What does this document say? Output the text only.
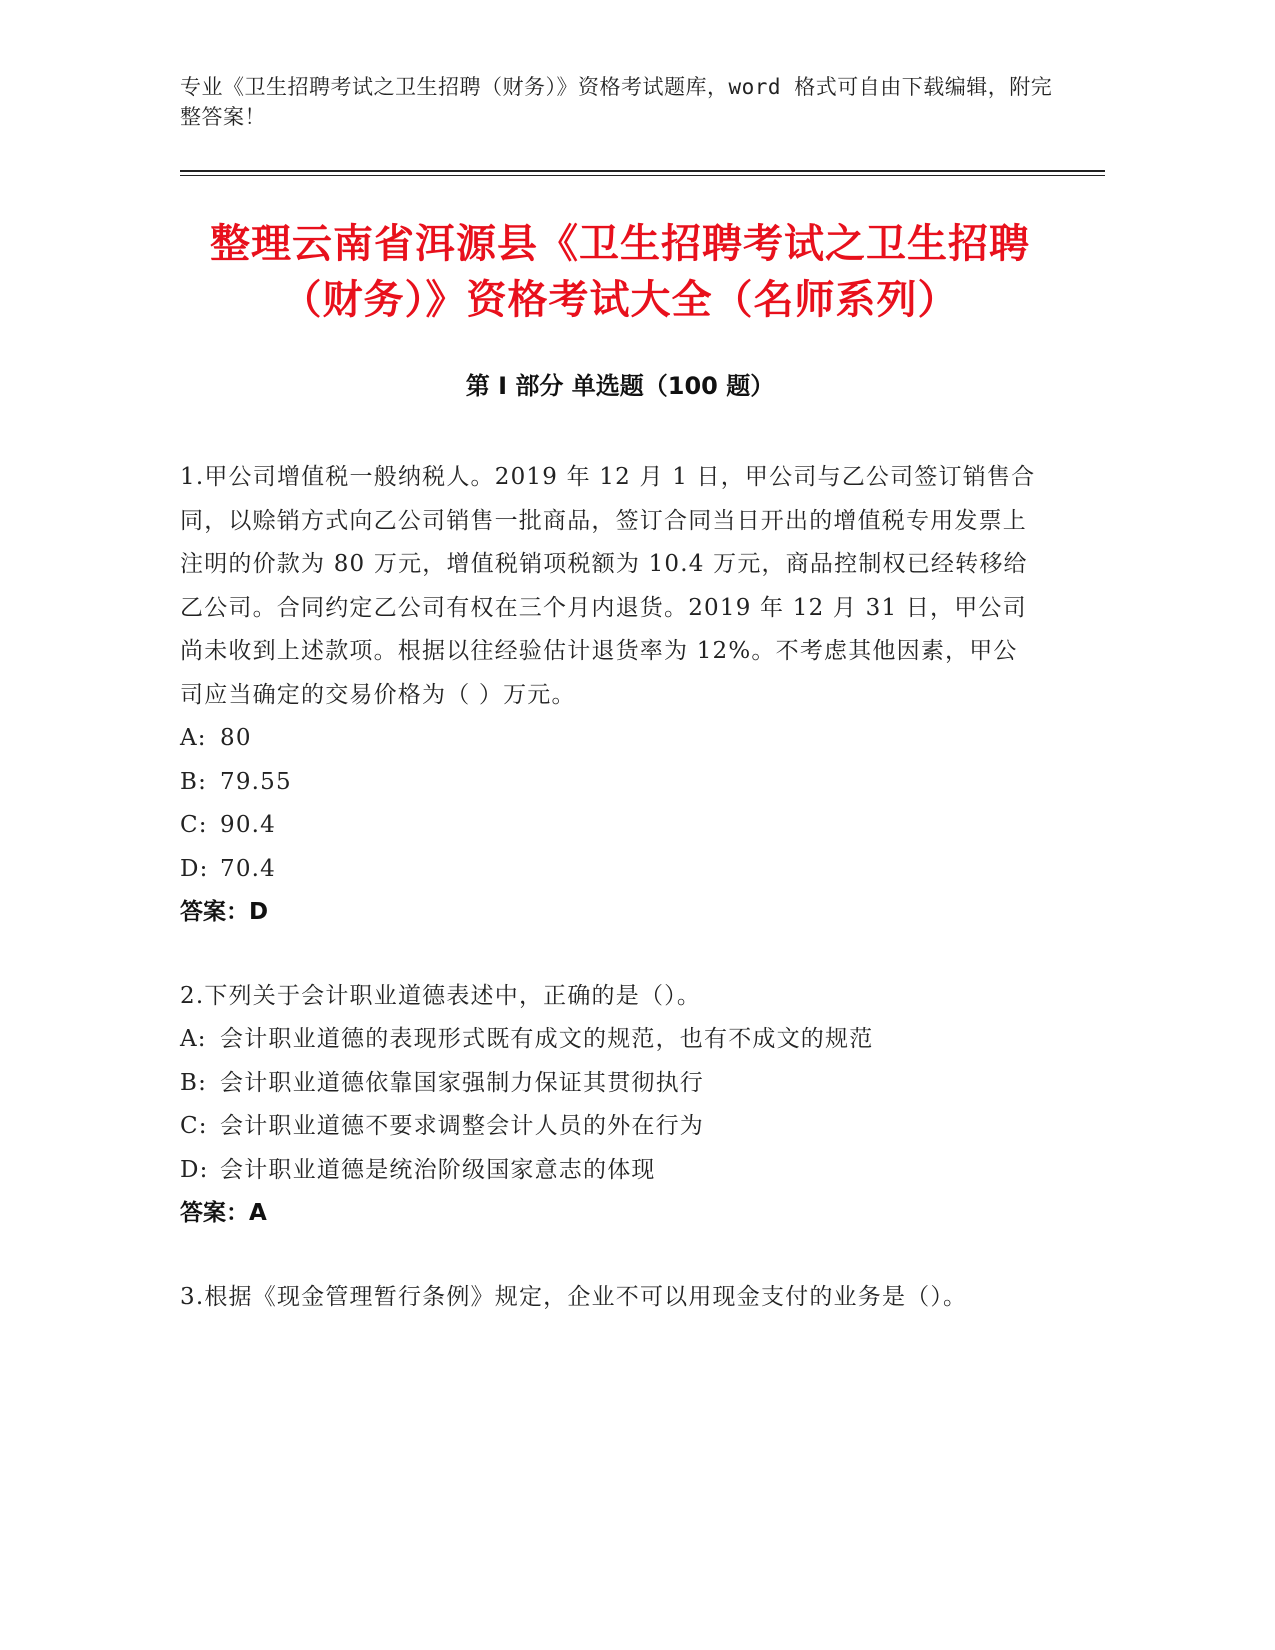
专业《卫生招聘考试之卫生招聘（财务）》资格考试题库，word 格式可自由下载编辑，附完整答案！
整理云南省洱源县《卫生招聘考试之卫生招聘（财务）》资格考试大全（名师系列）
第 I 部分 单选题（100 题）

1.甲公司增值税一般纳税人。2019 年 12 月 1 日，甲公司与乙公司签订销售合同，以赊销方式向乙公司销售一批商品，签订合同当日开出的增值税专用发票上注明的价款为 80 万元，增值税销项税额为 10.4 万元，商品控制权已经转移给乙公司。合同约定乙公司有权在三个月内退货。2019 年 12 月 31 日，甲公司尚未收到上述款项。根据以往经验估计退货率为 12%。不考虑其他因素，甲公司应当确定的交易价格为（ ）万元。

A: 80

B: 79.55

C: 90.4

D: 70.4

答案：D

2.下列关于会计职业道德表述中，正确的是（）。

A: 会计职业道德的表现形式既有成文的规范，也有不成文的规范

B: 会计职业道德依靠国家强制力保证其贯彻执行

C: 会计职业道德不要求调整会计人员的外在行为

D: 会计职业道德是统治阶级国家意志的体现

答案：A

3.根据《现金管理暂行条例》规定，企业不可以用现金支付的业务是（）。
